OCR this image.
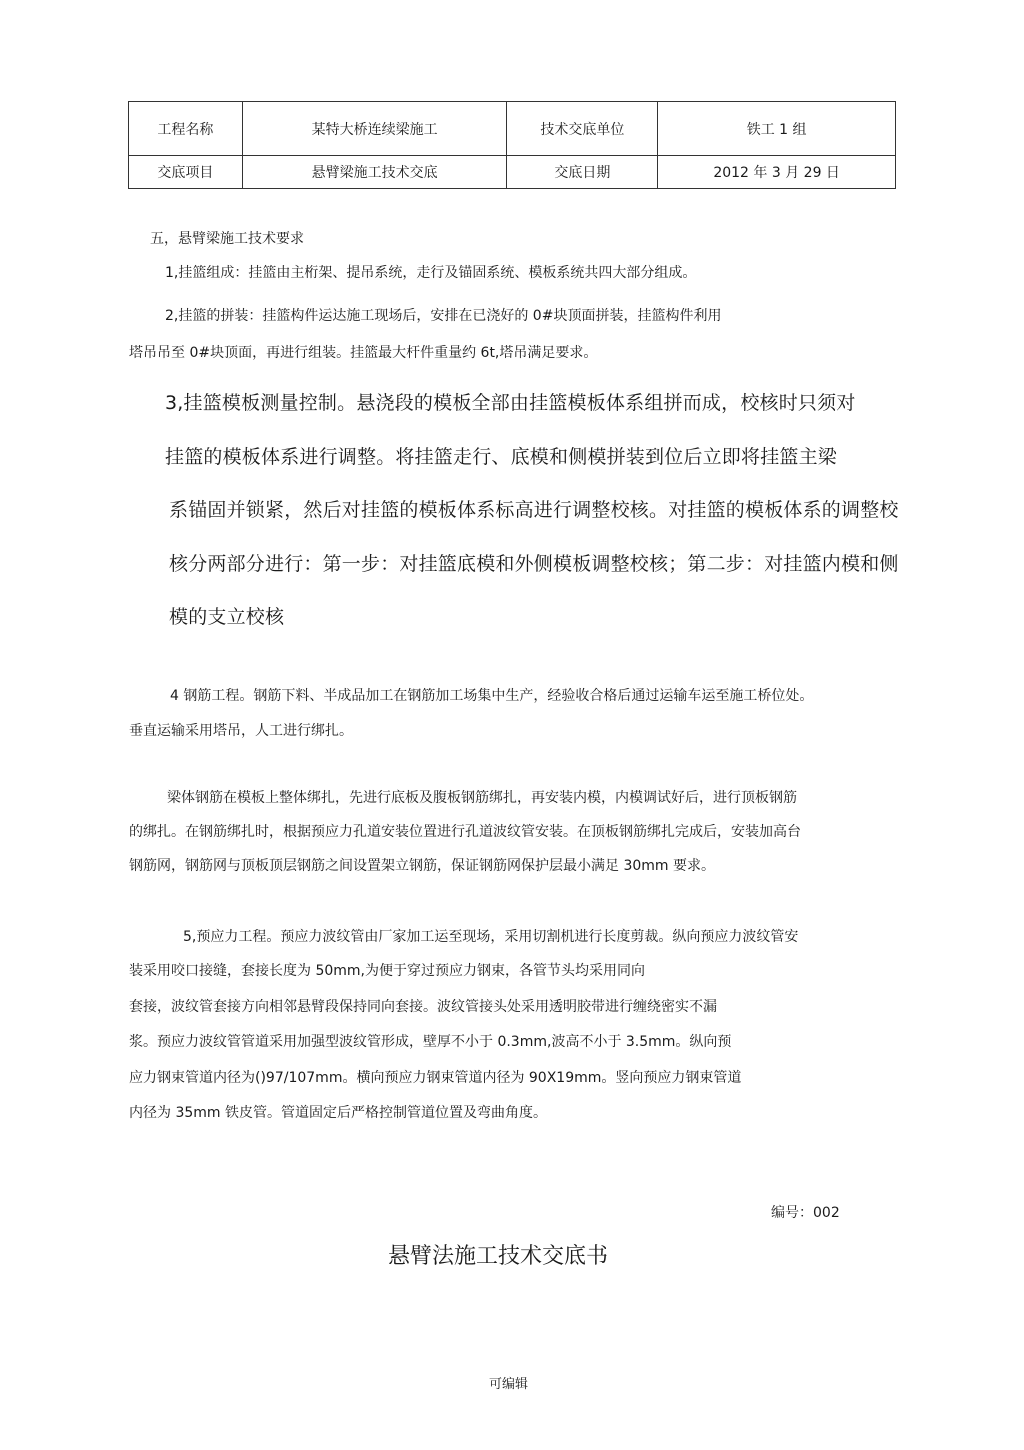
工程名称	某特大桥连续梁施工	技术交底单位	铁工 1 组
交底项目	悬臂梁施工技术交底	交底日期	2012 年 3 月 29 日
五，悬臂梁施工技术要求
1,挂篮组成：挂篮由主桁架、提吊系统，走行及锚固系统、模板系统共四大部分组成。
2,挂篮的拼装：挂篮构件运达施工现场后，安排在已浇好的 0#块顶面拼装，挂篮构件利用
塔吊吊至 0#块顶面，再进行组装。挂篮最大杆件重量约 6t,塔吊满足要求。
3,挂篮模板测量控制。悬浇段的模板全部由挂篮模板体系组拼而成，校核时只须对
挂篮的模板体系进行调整。将挂篮走行、底模和侧模拼装到位后立即将挂篮主梁
系锚固并锁紧，然后对挂篮的模板体系标高进行调整校核。对挂篮的模板体系的调整校
核分两部分进行：第一步：对挂篮底模和外侧模板调整校核；第二步：对挂篮内模和侧
模的支立校核
4 钢筋工程。钢筋下料、半成品加工在钢筋加工场集中生产，经验收合格后通过运输车运至施工桥位处。
垂直运输采用塔吊，人工进行绑扎。
梁体钢筋在模板上整体绑扎，先进行底板及腹板钢筋绑扎，再安装内模，内模调试好后，进行顶板钢筋
的绑扎。在钢筋绑扎时，根据预应力孔道安装位置进行孔道波纹管安装。在顶板钢筋绑扎完成后，安装加高台
钢筋网，钢筋网与顶板顶层钢筋之间设置架立钢筋，保证钢筋网保护层最小满足 30mm 要求。
5,预应力工程。预应力波纹管由厂家加工运至现场，采用切割机进行长度剪裁。纵向预应力波纹管安
装采用咬口接缝，套接长度为 50mm,为便于穿过预应力钢束，各管节头均采用同向
套接，波纹管套接方向相邻悬臂段保持同向套接。波纹管接头处采用透明胶带进行缠绕密实不漏
浆。预应力波纹管管道采用加强型波纹管形成，壁厚不小于 0.3mm,波高不小于 3.5mm。纵向预
应力钢束管道内径为()97/107mm。横向预应力钢束管道内径为 90X19mm。竖向预应力钢束管道
内径为 35mm 铁皮管。管道固定后严格控制管道位置及弯曲角度。
编号：002
悬臂法施工技术交底书
可编辑
